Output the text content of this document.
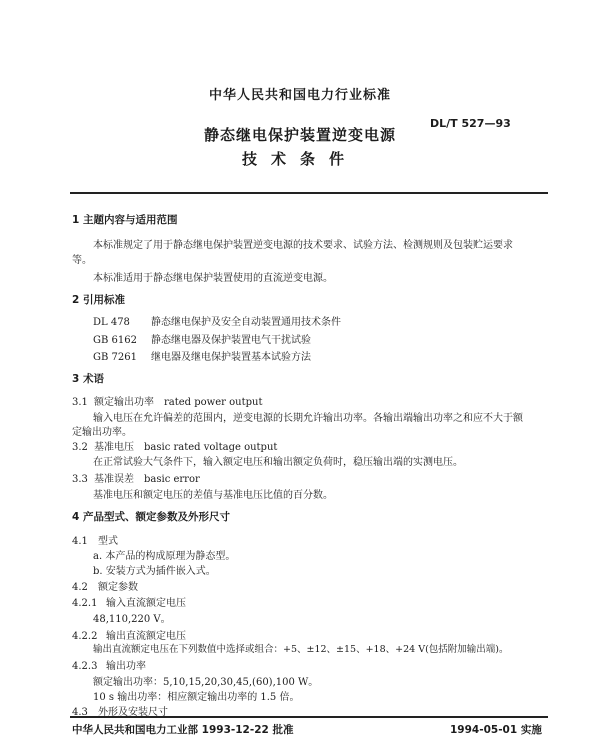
中华人民共和国电力行业标准
DL/T 527—93
静态继电保护装置逆变电源
技术条件
1 主题内容与适用范围
本标准规定了用于静态继电保护装置逆变电源的技术要求、试验方法、检测规则及包装贮运要求
等。
本标准适用于静态继电保护装置使用的直流逆变电源。
2 引用标准
DL 478 静态继电保护及安全自动装置通用技术条件
GB 6162 静态继电器及保护装置电气干扰试验
GB 7261 继电器及继电保护装置基本试验方法
3 术语
3.1 额定输出功率 rated power output
输入电压在允许偏差的范围内，逆变电源的长期允许输出功率。各输出端输出功率之和应不大于额
定输出功率。
3.2 基准电压 basic rated voltage output
在正常试验大气条件下，输入额定电压和输出额定负荷时，稳压输出端的实测电压。
3.3 基准误差 basic error
基准电压和额定电压的差值与基准电压比值的百分数。
4 产品型式、额定参数及外形尺寸
4.1 型式
a. 本产品的构成原理为静态型。
b. 安装方式为插件嵌入式。
4.2 额定参数
4.2.1 输入直流额定电压
48,110,220 V。
4.2.2 输出直流额定电压
输出直流额定电压在下列数值中选择或组合：+5、±12、±15、+18、+24 V(包括附加输出端)。
4.2.3 输出功率
额定输出功率：5,10,15,20,30,45,(60),100 W。
10 s 输出功率：相应额定输出功率的 1.5 倍。
4.3 外形及安装尺寸
中华人民共和国电力工业部 1993-12-22 批准	1994-05-01 实施
